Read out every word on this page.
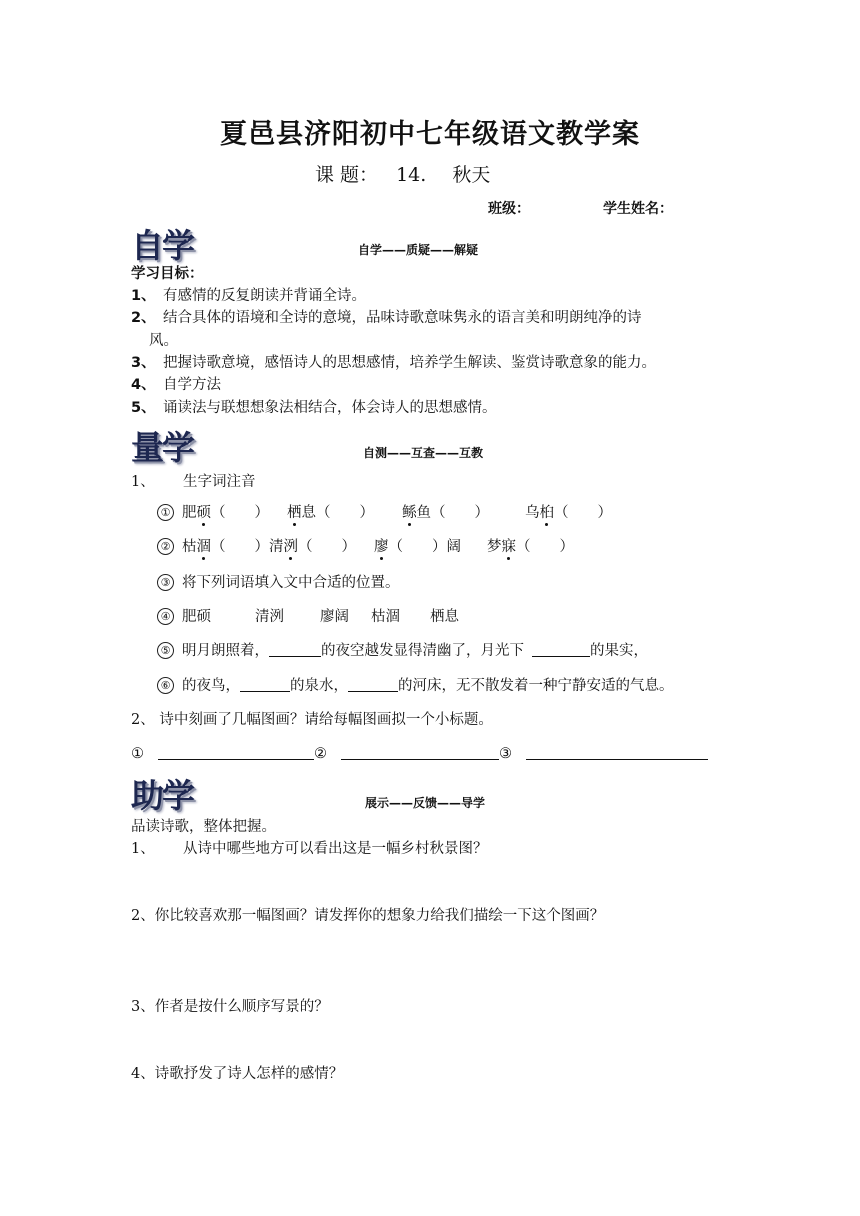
夏邑县济阳初中七年级语文教学案
课 题： 14. 秋天
班级：	学生姓名：
自学	自学——质疑——解疑
学习目标：
1、 有感情的反复朗读并背诵全诗。
2、 结合具体的语境和全诗的意境，品味诗歌意味隽永的语言美和明朗纯净的诗
风。
3、 把握诗歌意境，感悟诗人的思想感情，培养学生解读、鉴赏诗歌意象的能力。
4、 自学方法
5、 诵读法与联想想象法相结合，体会诗人的思想感情。
量学	自测——互查——互教
1、 生字词注音
① 肥硕（　　） 栖息（　　） 鲧鱼（　　） 乌桕（　　）
② 枯涸（　　）清洌（　　） 廖（　　）阔 梦寐（　　）
③ 将下列词语填入文中合适的位置。
④ 肥硕	清洌 廖阔 枯涸 栖息
⑤ 明月朗照着，	的夜空越发显得清幽了，月光下	的果实，
⑥ 的夜鸟，	的泉水，	的河床，无不散发着一种宁静安适的气息。
2、 诗中刻画了几幅图画？请给每幅图画拟一个小标题。
①	②	③
助学	展示——反馈——导学
品读诗歌，整体把握。
1、 从诗中哪些地方可以看出这是一幅乡村秋景图？
2、你比较喜欢那一幅图画？请发挥你的想象力给我们描绘一下这个图画？
3、作者是按什么顺序写景的？
4、诗歌抒发了诗人怎样的感情？
